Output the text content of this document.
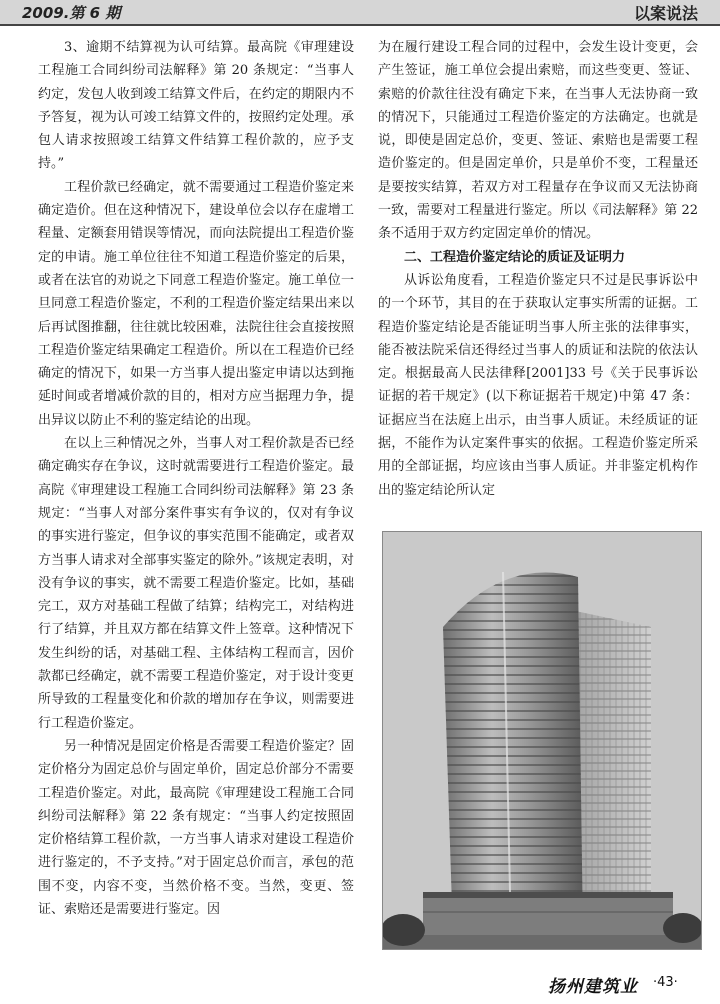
2009.第 6 期	以案说法

3、逾期不结算视为认可结算。最高院《审理建设工程施工合同纠纷司法解释》第 20 条规定：“当事人约定，发包人收到竣工结算文件后，在约定的期限内不予答复，视为认可竣工结算文件的，按照约定处理。承包人请求按照竣工结算文件结算工程价款的，应予支持。”

工程价款已经确定，就不需要通过工程造价鉴定来确定造价。但在这种情况下，建设单位会以存在虚增工程量、定额套用错误等情况，而向法院提出工程造价鉴定的申请。施工单位往往不知道工程造价鉴定的后果，或者在法官的劝说之下同意工程造价鉴定。施工单位一旦同意工程造价鉴定，不利的工程造价鉴定结果出来以后再试图推翻，往往就比较困难，法院往往会直接按照工程造价鉴定结果确定工程造价。所以在工程造价已经确定的情况下，如果一方当事人提出鉴定申请以达到拖延时间或者增减价款的目的，相对方应当据理力争，提出异议以防止不利的鉴定结论的出现。

在以上三种情况之外，当事人对工程价款是否已经确定确实存在争议，这时就需要进行工程造价鉴定。最高院《审理建设工程施工合同纠纷司法解释》第 23 条规定：“当事人对部分案件事实有争议的，仅对有争议的事实进行鉴定，但争议的事实范围不能确定，或者双方当事人请求对全部事实鉴定的除外。”该规定表明，对没有争议的事实，就不需要工程造价鉴定。比如，基础完工，双方对基础工程做了结算；结构完工，对结构进行了结算，并且双方都在结算文件上签章。这种情况下发生纠纷的话，对基础工程、主体结构工程而言，因价款都已经确定，就不需要工程造价鉴定，对于设计变更所导致的工程量变化和价款的增加存在争议，则需要进行工程造价鉴定。

另一种情况是固定价格是否需要工程造价鉴定？固定价格分为固定总价与固定单价，固定总价部分不需要工程造价鉴定。对此，最高院《审理建设工程施工合同纠纷司法解释》第 22 条有规定：“当事人约定按照固定价格结算工程价款，一方当事人请求对建设工程造价进行鉴定的，不予支持。”对于固定总价而言，承包的范围不变，内容不变，当然价格不变。当然，变更、签证、索赔还是需要进行鉴定。因

为在履行建设工程合同的过程中，会发生设计变更，会产生签证，施工单位会提出索赔，而这些变更、签证、索赔的价款往往没有确定下来，在当事人无法协商一致的情况下，只能通过工程造价鉴定的方法确定。也就是说，即使是固定总价，变更、签证、索赔也是需要工程造价鉴定的。但是固定单价，只是单价不变，工程量还是要按实结算，若双方对工程量存在争议而又无法协商一致，需要对工程量进行鉴定。所以《司法解释》第 22 条不适用于双方约定固定单价的情况。

二、工程造价鉴定结论的质证及证明力

从诉讼角度看，工程造价鉴定只不过是民事诉讼中的一个环节，其目的在于获取认定事实所需的证据。工程造价鉴定结论是否能证明当事人所主张的法律事实，能否被法院采信还得经过当事人的质证和法院的依法认定。根据最高人民法律释[2001]33 号《关于民事诉讼证据的若干规定》(以下称证据若干规定)中第 47 条：证据应当在法庭上出示，由当事人质证。未经质证的证据，不能作为认定案件事实的依据。工程造价鉴定所采用的全部证据，均应该由当事人质证。并非鉴定机构作出的鉴定结论所认定

扬州建筑业 ·43·
